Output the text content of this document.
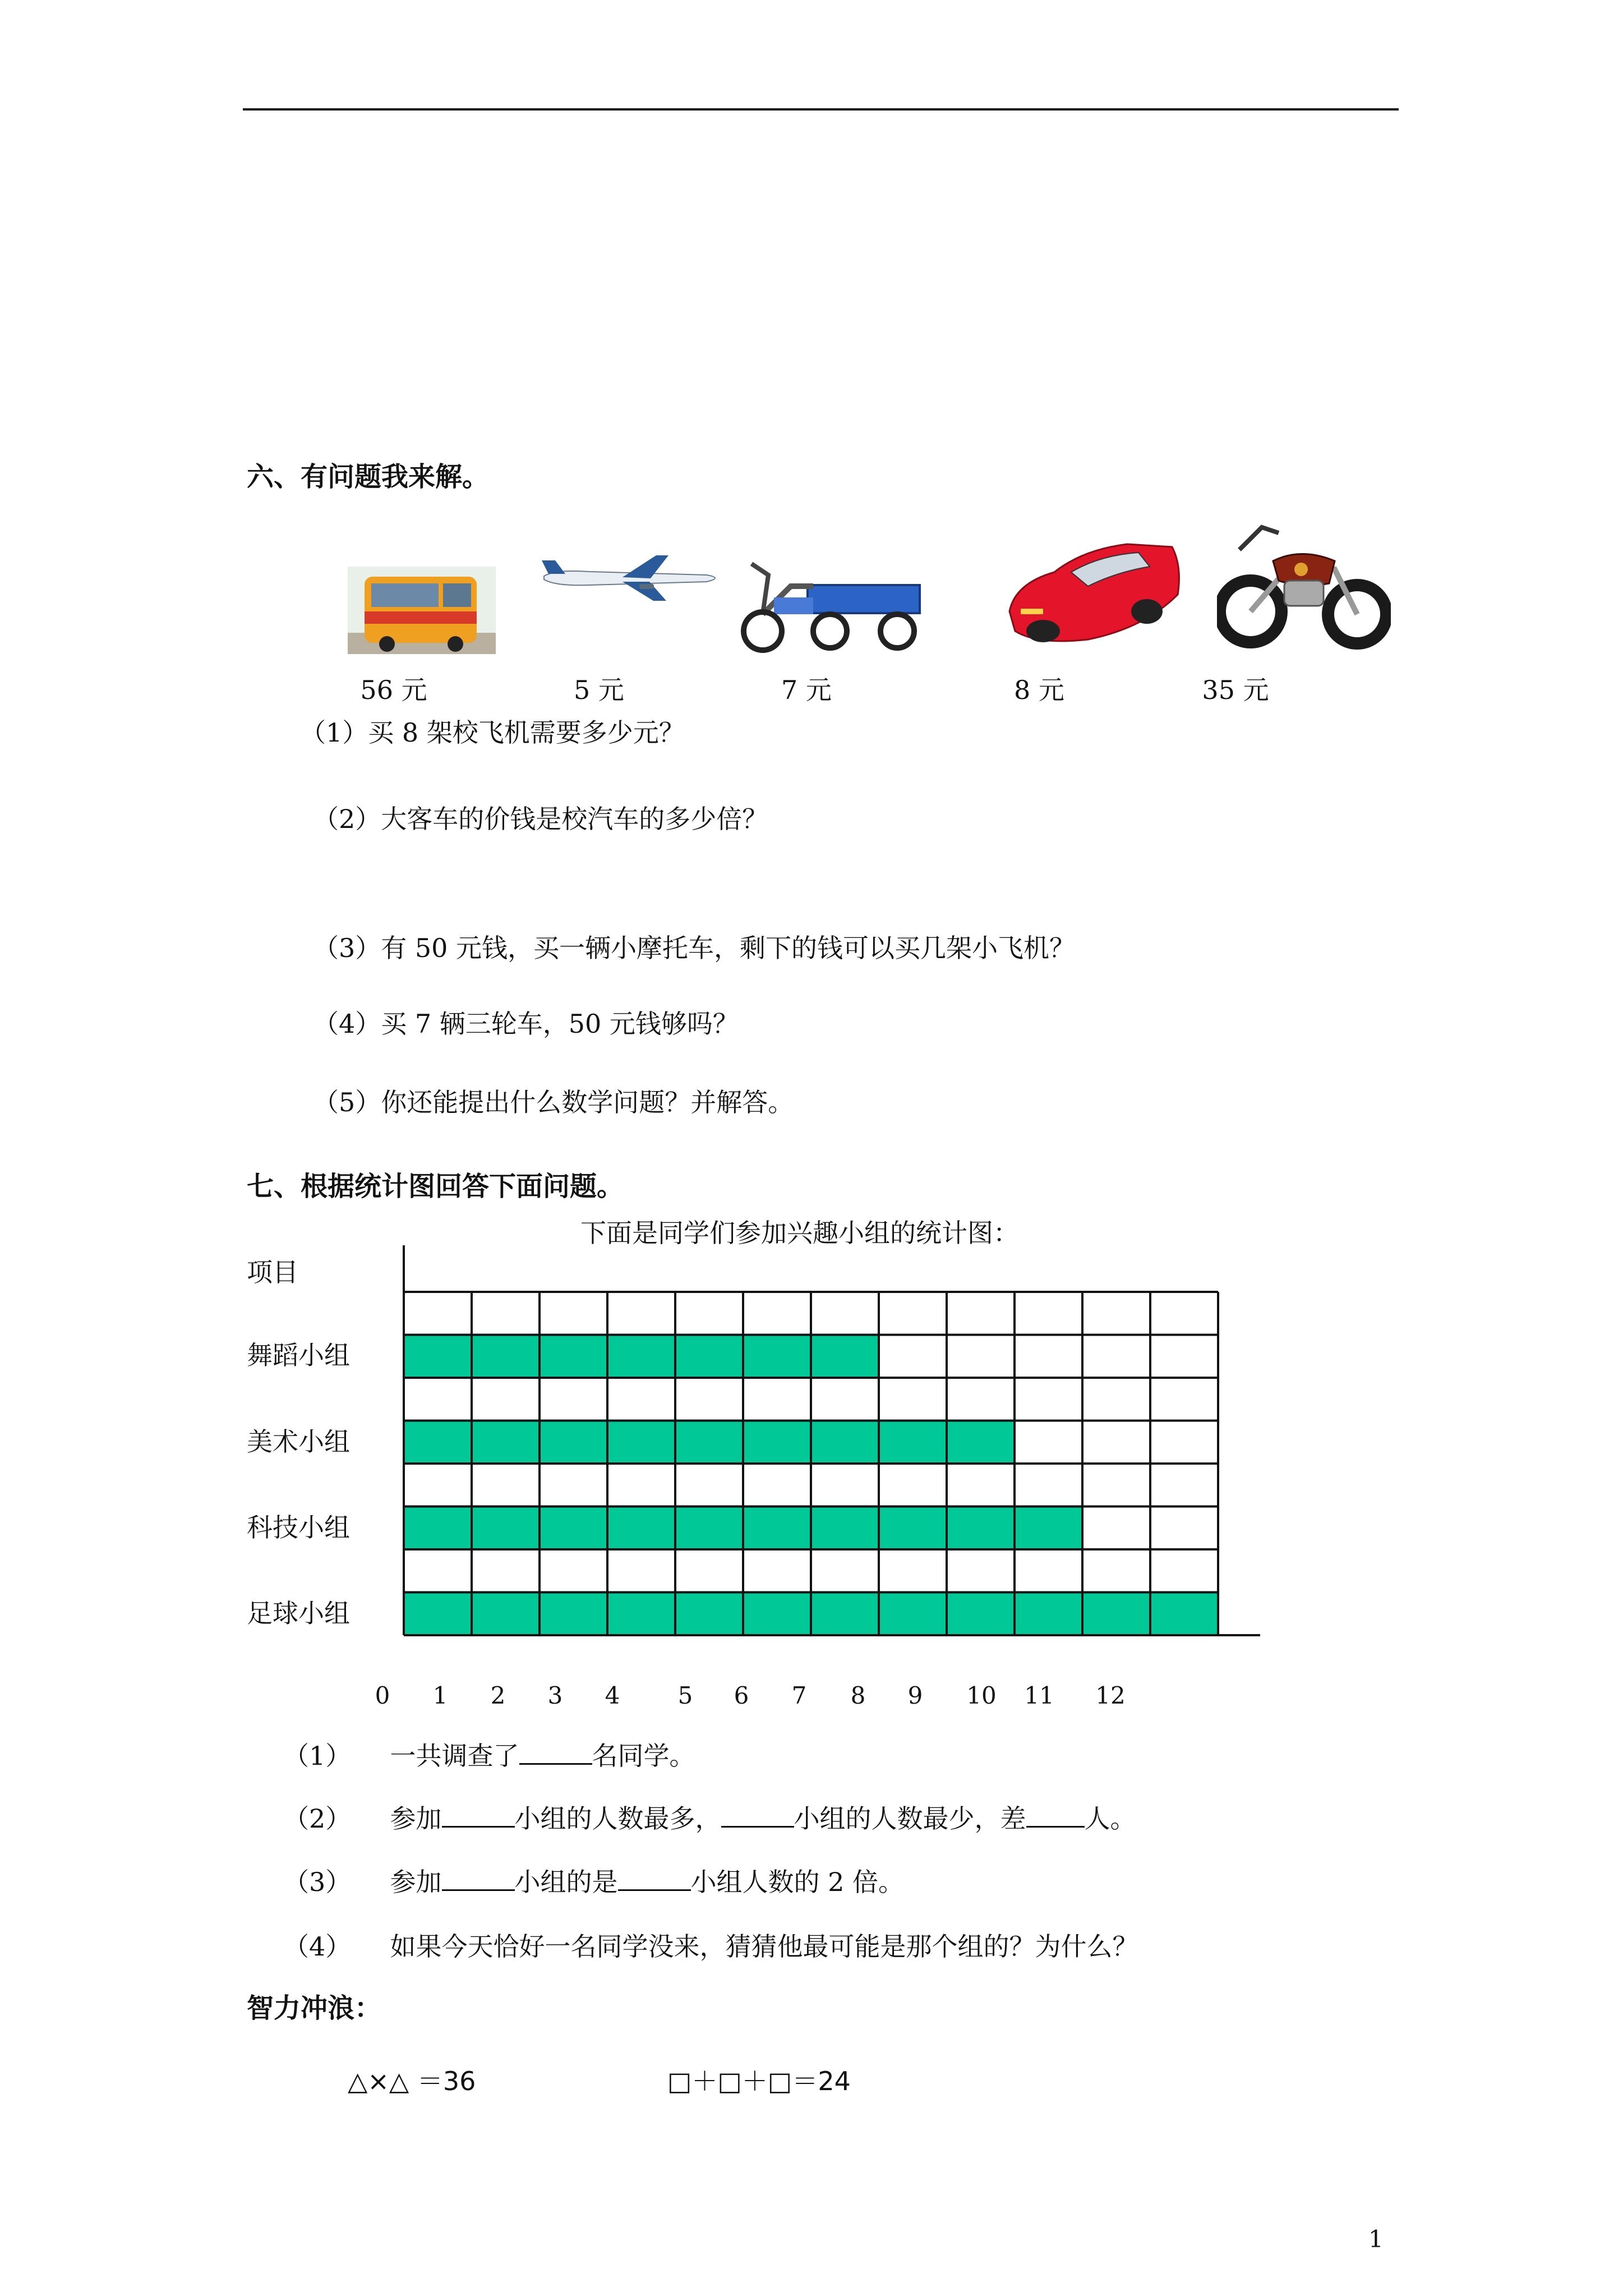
六、有问题我来解。
56 元	5 元	7 元	8 元	35 元
（1）买 8 架校飞机需要多少元？
（2）大客车的价钱是校汽车的多少倍？
（3）有 50 元钱，买一辆小摩托车，剩下的钱可以买几架小飞机？
（4）买 7 辆三轮车，50 元钱够吗？
（5）你还能提出什么数学问题？并解答。
七、根据统计图回答下面问题。
下面是同学们参加兴趣小组的统计图：
项目
舞蹈小组
美术小组
科技小组
足球小组
0	1	2	3	4	5	6	7	8	9	10	11	12
（1） 一共调查了	名同学。
（2） 参加	小组的人数最多，	小组的人数最少，差 人。
（3） 参加	小组的是	小组人数的 2 倍。
（4） 如果今天恰好一名同学没来，猜猜他最可能是那个组的？为什么？
智力冲浪：
△×△ ＝36	□＋□＋□＝24
1
